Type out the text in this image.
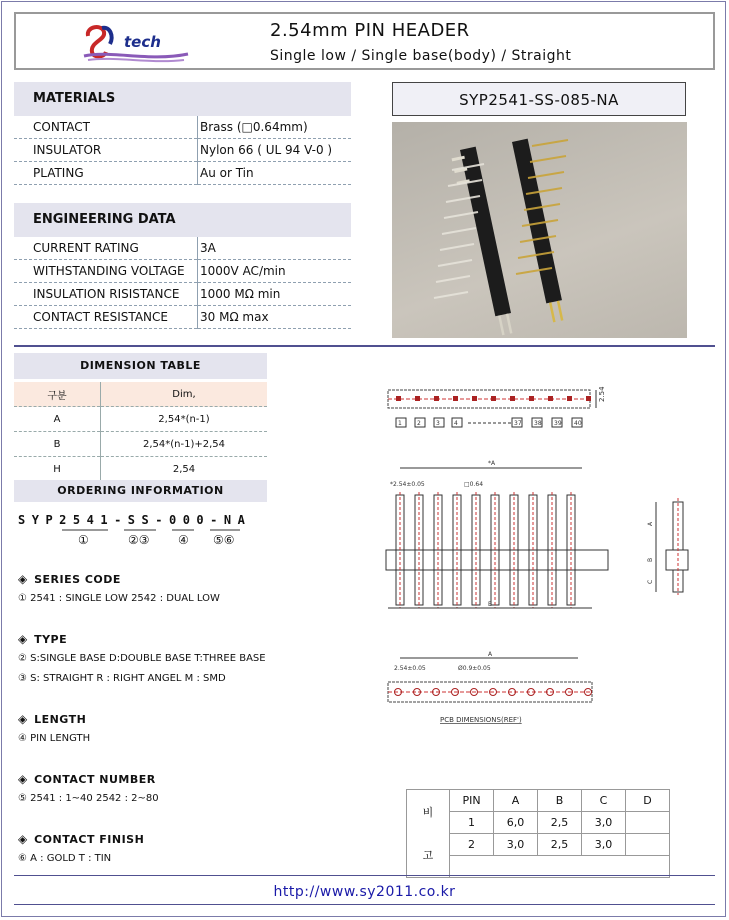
tech
2.54mm PIN HEADER
Single low / Single base(body) / Straight
MATERIALS
CONTACT	Brass (□0.64mm)
INSULATOR	Nylon 66 ( UL 94 V-0 )
PLATING	Au or Tin
ENGINEERING DATA
CURRENT RATING	3A
WITHSTANDING VOLTAGE	1000V AC/min
INSULATION RISISTANCE	1000 MΩ min
CONTACT RESISTANCE	30 MΩ max
SYP2541-SS-085-NA
DIMENSION TABLE
구분	Dim,
A	2,54*(n-1)
B	2,54*(n-1)+2,54
H	2,54
ORDERING INFORMATION
SYP2541-SS-000-NA
①	②③ ④ ⑤⑥
◈ SERIES CODE
① 2541 : SINGLE LOW 2542 : DUAL LOW
◈ TYPE
② S:SINGLE BASE D:DOUBLE BASE T:THREE BASE
③ S: STRAIGHT R : RIGHT ANGEL M : SMD
◈ LENGTH
④ PIN LENGTH
◈ CONTACT NUMBER
⑤ 2541 : 1~40 2542 : 2~80
◈ CONTACT FINISH
⑥ A : GOLD T : TIN
2.54
1	2	3 4	37 38 39 40
*A
*2.54±0.05	□0.64
B
A
B
C
A
2.54±0.05	Ø0.9±0.05
PCB DIMENSIONS(REF')
비	PIN	A	B	C	D
	1	6,0	2,5	3,0	
고	2	3,0	2,5	3,0	

http://www.sy2011.co.kr
